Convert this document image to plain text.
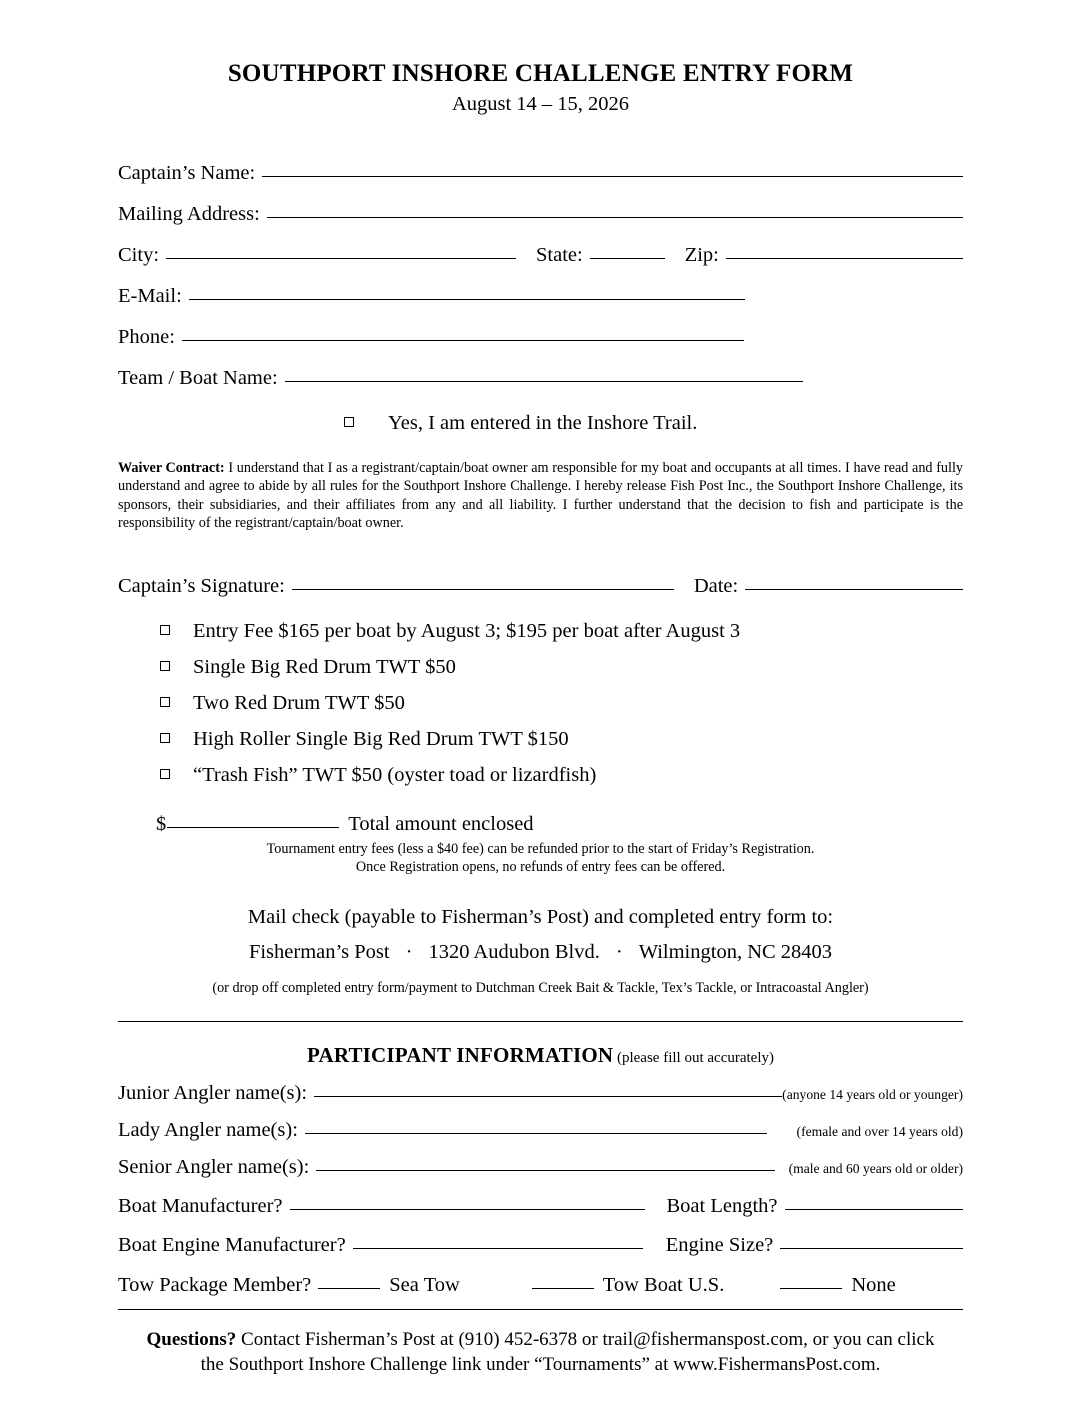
SOUTHPORT INSHORE CHALLENGE ENTRY FORM
August 14 – 15, 2026
Captain’s Name:
Mailing Address:
City:	State:	Zip:
E-Mail:
Phone:
Team / Boat Name:
Yes, I am entered in the Inshore Trail.
Waiver Contract: I understand that I as a registrant/captain/boat owner am responsible for my boat and occupants at all times. I have read and fully understand and agree to abide by all rules for the Southport Inshore Challenge. I hereby release Fish Post Inc., the Southport Inshore Challenge, its sponsors, their subsidiaries, and their affiliates from any and all liability. I further understand that the decision to fish and participate is the responsibility of the registrant/captain/boat owner.
Captain’s Signature:	Date:
Entry Fee $165 per boat by August 3; $195 per boat after August 3
Single Big Red Drum TWT $50
Two Red Drum TWT $50
High Roller Single Big Red Drum TWT $150
“Trash Fish” TWT $50 (oyster toad or lizardfish)
$	Total amount enclosed
Tournament entry fees (less a $40 fee) can be refunded prior to the start of Friday’s Registration.
Once Registration opens, no refunds of entry fees can be offered.
Mail check (payable to Fisherman’s Post) and completed entry form to:
Fisherman’s Post · 1320 Audubon Blvd. · Wilmington, NC 28403
(or drop off completed entry form/payment to Dutchman Creek Bait & Tackle, Tex’s Tackle, or Intracoastal Angler)
PARTICIPANT INFORMATION (please fill out accurately)
Junior Angler name(s):	(anyone 14 years old or younger)
Lady Angler name(s):	(female and over 14 years old)
Senior Angler name(s):	(male and 60 years old or older)
Boat Manufacturer?	Boat Length?
Boat Engine Manufacturer?	Engine Size?
Tow Package Member?	Sea Tow	Tow Boat U.S.	None
Questions? Contact Fisherman’s Post at (910) 452-6378 or trail@fishermanspost.com, or you can click
the Southport Inshore Challenge link under “Tournaments” at www.FishermansPost.com.
